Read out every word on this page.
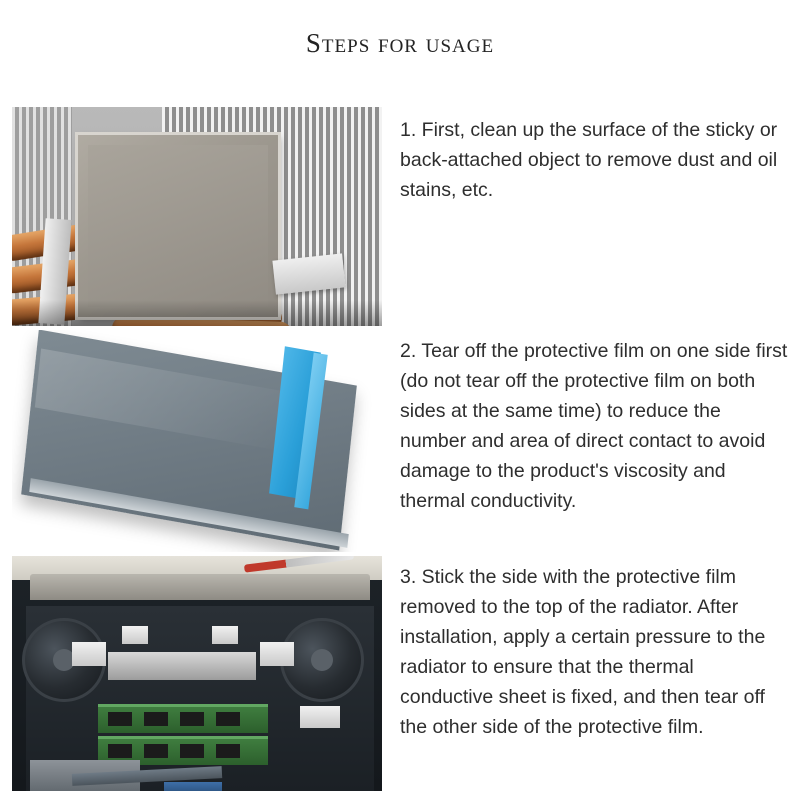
Steps for usage
1. First, clean up the surface of the sticky or back-attached object to remove dust and oil stains, etc.
2. Tear off the protective film on one side first (do not tear off the protective film on both sides at the same time) to reduce the number and area of direct contact to avoid damage to the product's viscosity and thermal conductivity.
3. Stick the side with the protective film removed to the top of the radiator. After installation, apply a certain pressure to the radiator to ensure that the thermal conductive sheet is fixed, and then tear off the other side of the protective film.
